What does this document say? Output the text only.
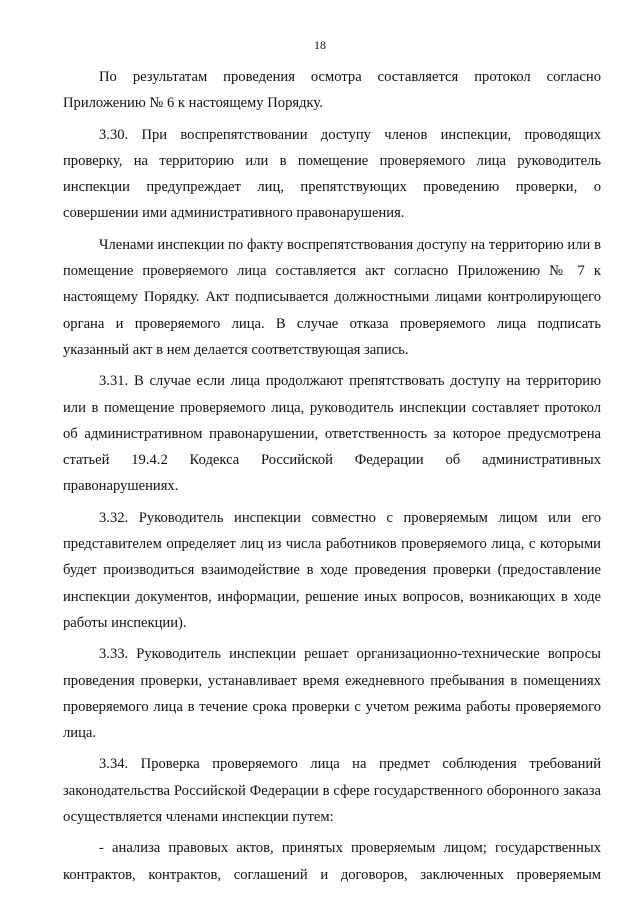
18

По результатам проведения осмотра составляется протокол согласно Приложению № 6 к настоящему Порядку.

3.30. При воспрепятствовании доступу членов инспекции, проводящих проверку, на территорию или в помещение проверяемого лица руководитель инспекции предупреждает лиц, препятствующих проведению проверки, о совершении ими административного правонарушения.

Членами инспекции по факту воспрепятствования доступу на территорию или в помещение проверяемого лица составляется акт согласно Приложению № 7 к настоящему Порядку. Акт подписывается должностными лицами контролирующего органа и проверяемого лица. В случае отказа проверяемого лица подписать указанный акт в нем делается соответствующая запись.

3.31. В случае если лица продолжают препятствовать доступу на территорию или в помещение проверяемого лица, руководитель инспекции составляет протокол об административном правонарушении, ответственность за которое предусмотрена статьей 19.4.2 Кодекса Российской Федерации об административных правонарушениях.

3.32. Руководитель инспекции совместно с проверяемым лицом или его представителем определяет лиц из числа работников проверяемого лица, с которыми будет производиться взаимодействие в ходе проведения проверки (предоставление инспекции документов, информации, решение иных вопросов, возникающих в ходе работы инспекции).

3.33. Руководитель инспекции решает организационно-технические вопросы проведения проверки, устанавливает время ежедневного пребывания в помещениях проверяемого лица в течение срока проверки с учетом режима работы проверяемого лица.

3.34. Проверка проверяемого лица на предмет соблюдения требований законодательства Российской Федерации в сфере государственного оборонного заказа осуществляется членами инспекции путем:

- анализа правовых актов, принятых проверяемым лицом; государственных контрактов, контрактов, соглашений и договоров, заключенных проверяемым
